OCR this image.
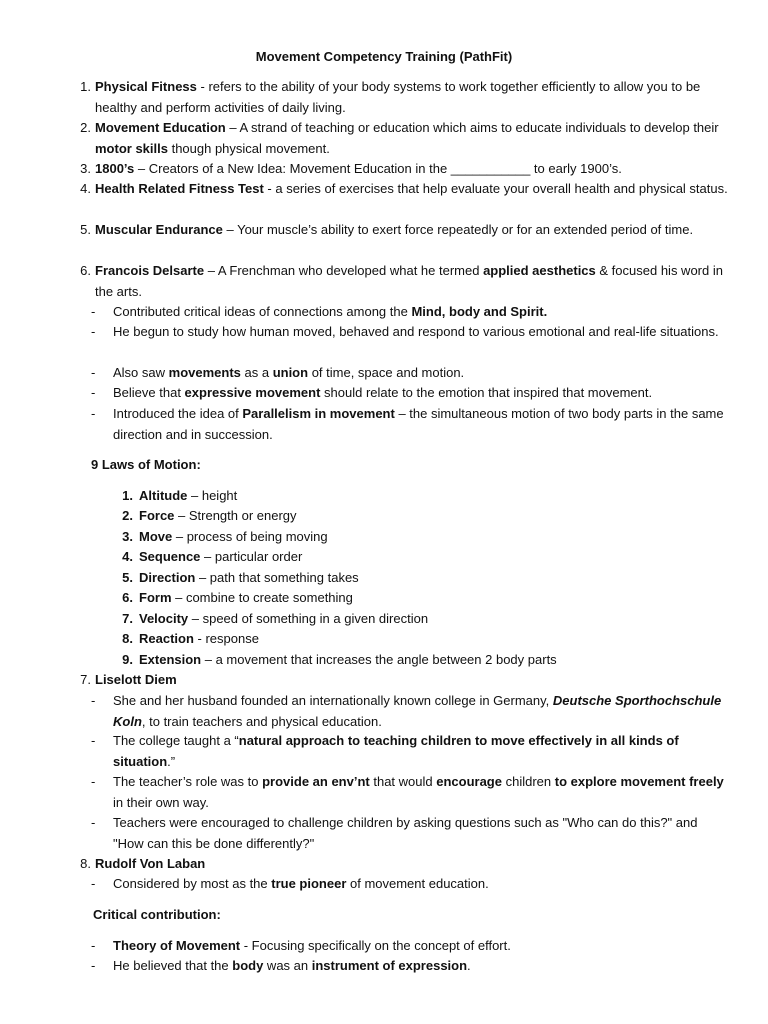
Movement Competency Training (PathFit)
1. Physical Fitness - refers to the ability of your body systems to work together efficiently to allow you to be healthy and perform activities of daily living.
2. Movement Education – A strand of teaching or education which aims to educate individuals to develop their motor skills though physical movement.
3. 1800’s – Creators of a New Idea: Movement Education in the ___________ to early 1900’s.
4. Health Related Fitness Test - a series of exercises that help evaluate your overall health and physical status.
5. Muscular Endurance – Your muscle’s ability to exert force repeatedly or for an extended period of time.
6. Francois Delsarte – A Frenchman who developed what he termed applied aesthetics & focused his word in the arts.
- Contributed critical ideas of connections among the Mind, body and Spirit.
- He begun to study how human moved, behaved and respond to various emotional and real-life situations.
- Also saw movements as a union of time, space and motion.
- Believe that expressive movement should relate to the emotion that inspired that movement.
- Introduced the idea of Parallelism in movement – the simultaneous motion of two body parts in the same direction and in succession.
9 Laws of Motion:
1. Altitude – height
2. Force – Strength or energy
3. Move – process of being moving
4. Sequence – particular order
5. Direction – path that something takes
6. Form – combine to create something
7. Velocity – speed of something in a given direction
8. Reaction - response
9. Extension – a movement that increases the angle between 2 body parts
7. Liselott Diem
- She and her husband founded an internationally known college in Germany, Deutsche Sporthochschule Koln, to train teachers and physical education.
- The college taught a “natural approach to teaching children to move effectively in all kinds of situation.”
- The teacher’s role was to provide an env’nt that would encourage children to explore movement freely in their own way.
- Teachers were encouraged to challenge children by asking questions such as "Who can do this?" and "How can this be done differently?"
8. Rudolf Von Laban
- Considered by most as the true pioneer of movement education.
Critical contribution:
- Theory of Movement - Focusing specifically on the concept of effort.
- He believed that the body was an instrument of expression.
